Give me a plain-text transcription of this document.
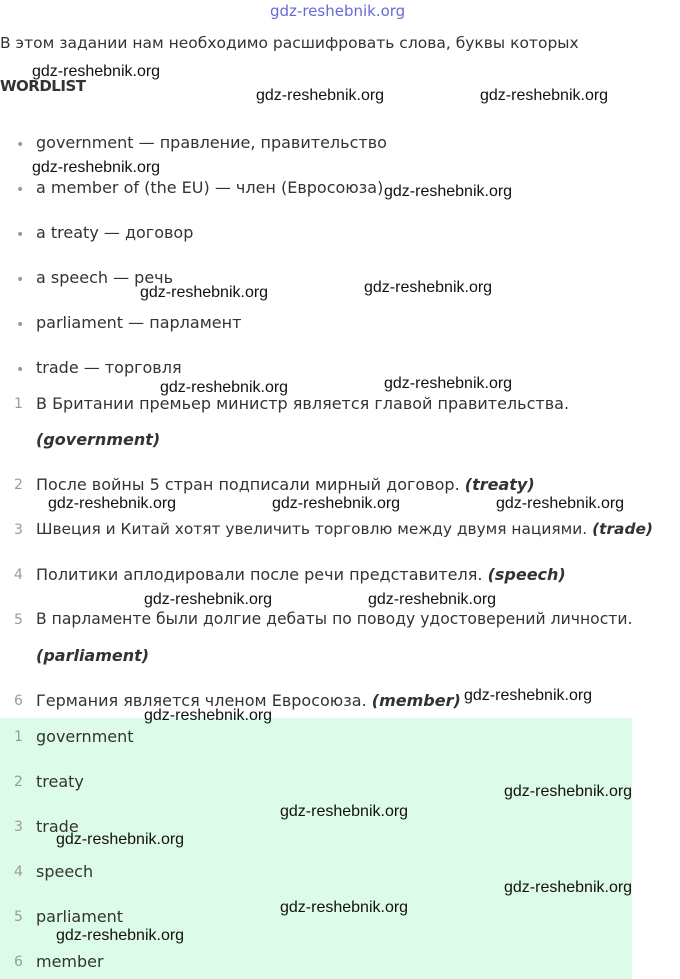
gdz-reshebnik.org
В этом задании нам необходимо расшифровать слова, буквы которых
WORDLIST
• government — правление, правительство
• a member of (the EU) — член (Евросоюза)
• a treaty — договор
• a speech — речь
• parliament — парламент
• trade — торговля
1 В Британии премьер министр является главой правительства.
(government)
2 После войны 5 стран подписали мирный договор. (treaty)
3 Швеция и Китай хотят увеличить торговлю между двумя нациями. (trade)
4 Политики аплодировали после речи представителя. (speech)
5 В парламенте были долгие дебаты по поводу удостоверений личности.
(parliament)
6 Германия является членом Евросоюза. (member)
1 government
2 treaty
3 trade
4 speech
5 parliament
6 member
gdz-reshebnik.org
gdz-reshebnik.org	gdz-reshebnik.org
gdz-reshebnik.org
gdz-reshebnik.org
gdz-reshebnik.org	gdz-reshebnik.org
gdz-reshebnik.org	gdz-reshebnik.org
gdz-reshebnik.org	gdz-reshebnik.org	gdz-reshebnik.org
gdz-reshebnik.org	gdz-reshebnik.org
gdz-reshebnik.org
gdz-reshebnik.org
gdz-reshebnik.org
gdz-reshebnik.org
gdz-reshebnik.org
gdz-reshebnik.org
gdz-reshebnik.org
gdz-reshebnik.org
